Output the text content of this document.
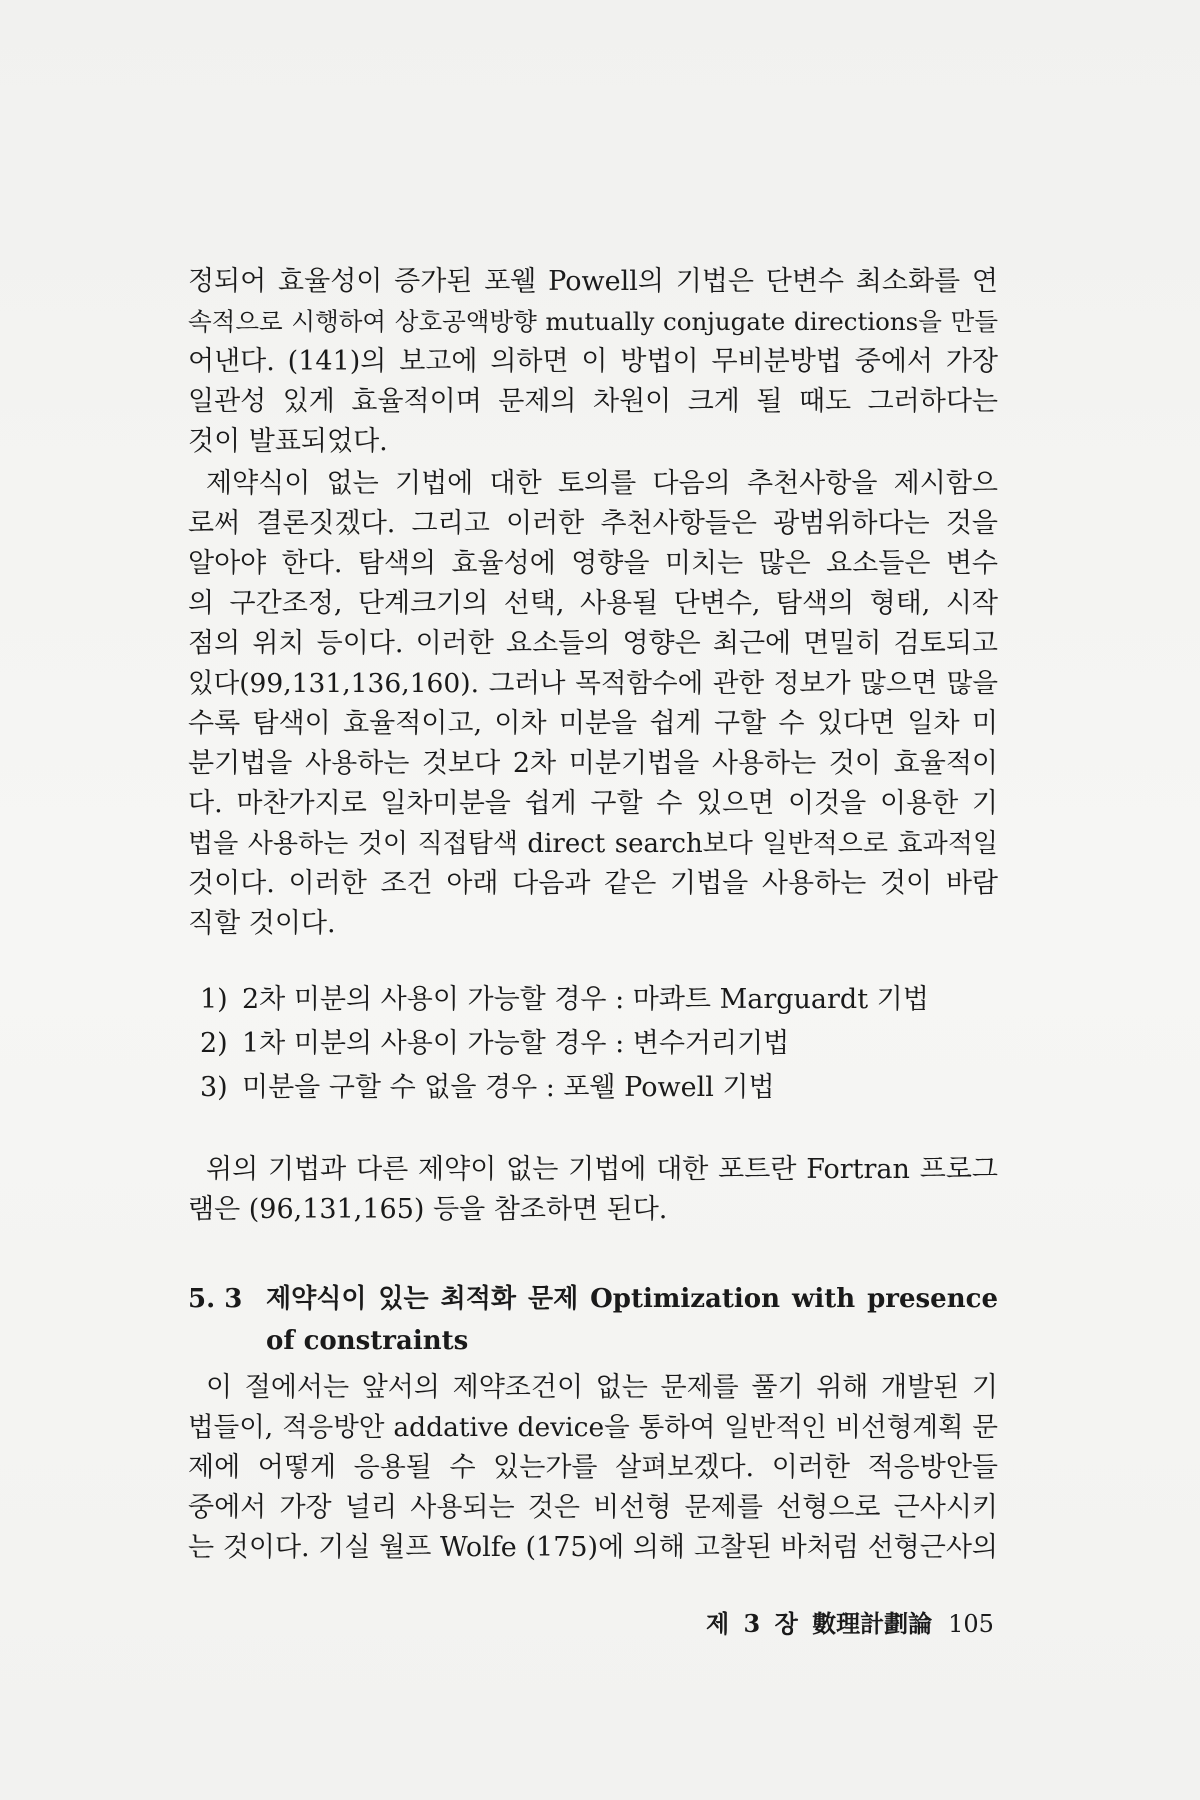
정되어 효율성이 증가된 포웰 Powell의 기법은 단변수 최소화를 연
속적으로 시행하여 상호공액방향 mutually conjugate directions을 만들
어낸다. (141)의 보고에 의하면 이 방법이 무비분방법 중에서 가장
일관성 있게 효율적이며 문제의 차원이 크게 될 때도 그러하다는
것이 발표되었다.
제약식이 없는 기법에 대한 토의를 다음의 추천사항을 제시함으
로써 결론짓겠다. 그리고 이러한 추천사항들은 광범위하다는 것을
알아야 한다. 탐색의 효율성에 영향을 미치는 많은 요소들은 변수
의 구간조정, 단계크기의 선택, 사용될 단변수, 탐색의 형태, 시작
점의 위치 등이다. 이러한 요소들의 영향은 최근에 면밀히 검토되고
있다(99,131,136,160). 그러나 목적함수에 관한 정보가 많으면 많을
수록 탐색이 효율적이고, 이차 미분을 쉽게 구할 수 있다면 일차 미
분기법을 사용하는 것보다 2차 미분기법을 사용하는 것이 효율적이
다. 마찬가지로 일차미분을 쉽게 구할 수 있으면 이것을 이용한 기
법을 사용하는 것이 직접탐색 direct search보다 일반적으로 효과적일
것이다. 이러한 조건 아래 다음과 같은 기법을 사용하는 것이 바람
직할 것이다.
1) 2차 미분의 사용이 가능할 경우 : 마콰트 Marguardt 기법
2) 1차 미분의 사용이 가능할 경우 : 변수거리기법
3) 미분을 구할 수 없을 경우 : 포웰 Powell 기법
위의 기법과 다른 제약이 없는 기법에 대한 포트란 Fortran 프로그
램은 (96,131,165) 등을 참조하면 된다.
5. 3 제약식이 있는 최적화 문제 Optimization with presence
of constraints
이 절에서는 앞서의 제약조건이 없는 문제를 풀기 위해 개발된 기
법들이, 적응방안 addative device을 통하여 일반적인 비선형계획 문
제에 어떻게 응용될 수 있는가를 살펴보겠다. 이러한 적응방안들
중에서 가장 널리 사용되는 것은 비선형 문제를 선형으로 근사시키
는 것이다. 기실 월프 Wolfe (175)에 의해 고찰된 바처럼 선형근사의
제 3 장 數理計劃論 105
